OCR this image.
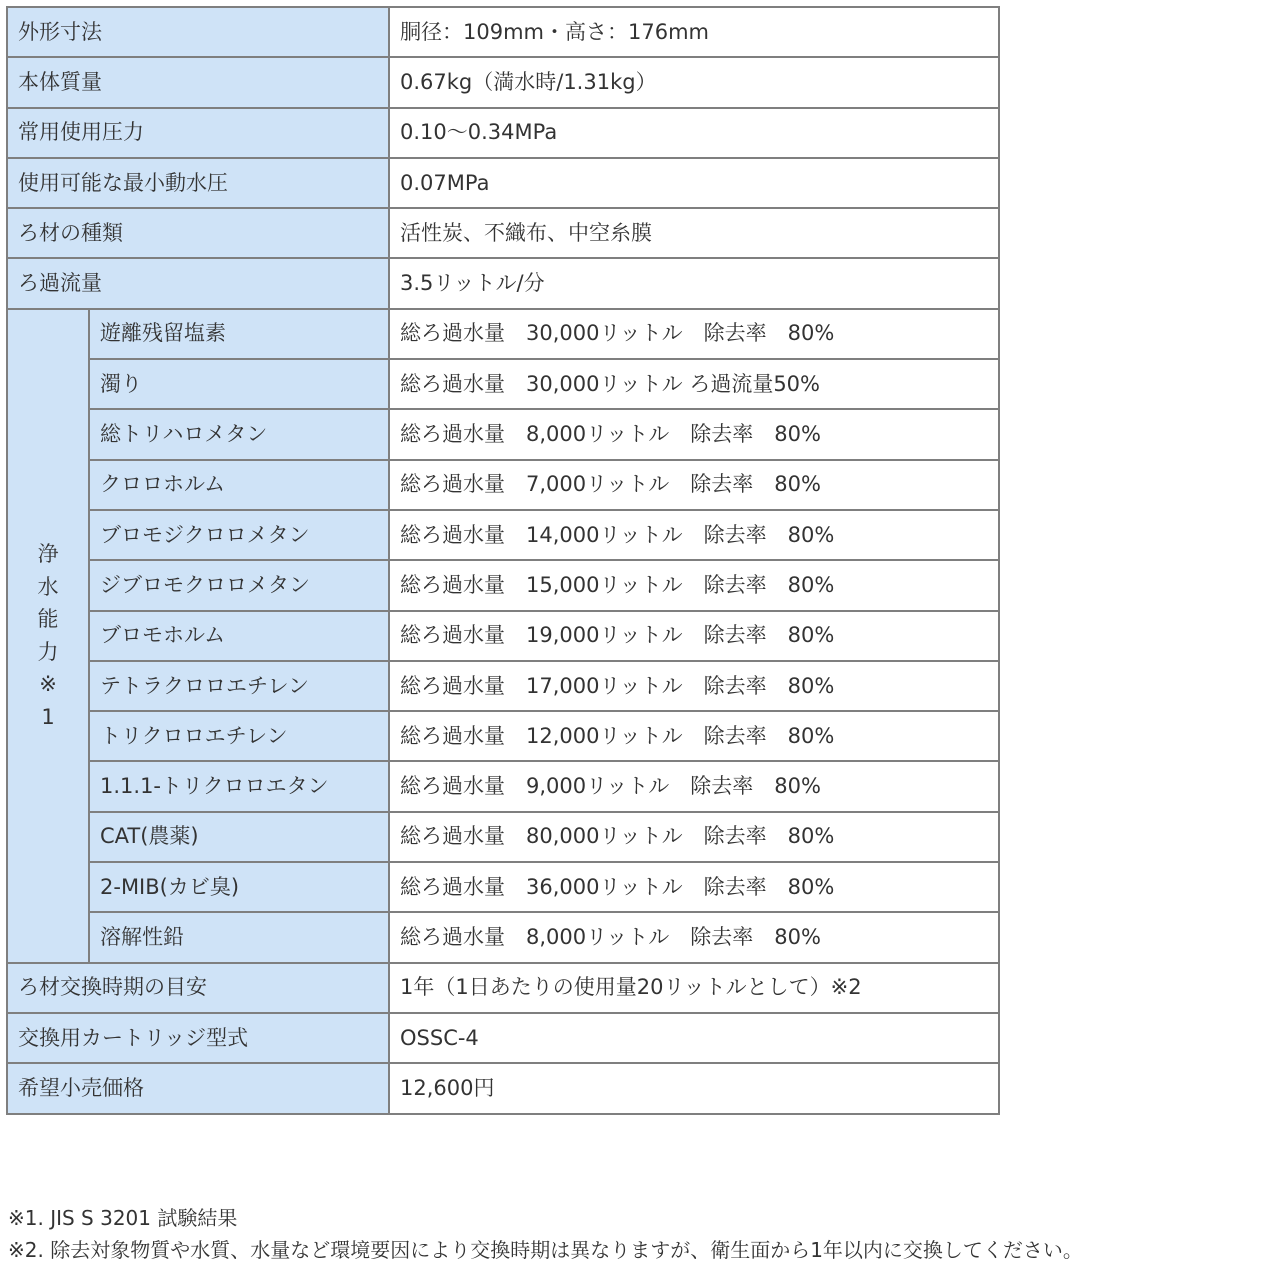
外形寸法		胴径：109mm・高さ：176mm
本体質量		0.67kg（満水時/1.31kg）
常用使用圧力		0.10～0.34MPa
使用可能な最小動水圧		0.07MPa
ろ材の種類		活性炭、不織布、中空糸膜
ろ過流量		3.5リットル/分
浄水能力※1	遊離残留塩素	総ろ過水量　30,000リットル　除去率　80%
	濁り	総ろ過水量　30,000リットル ろ過流量50%
	総トリハロメタン	総ろ過水量　8,000リットル　除去率　80%
	クロロホルム	総ろ過水量　7,000リットル　除去率　80%
	ブロモジクロロメタン	総ろ過水量　14,000リットル　除去率　80%
	ジブロモクロロメタン	総ろ過水量　15,000リットル　除去率　80%
	ブロモホルム	総ろ過水量　19,000リットル　除去率　80%
	テトラクロロエチレン	総ろ過水量　17,000リットル　除去率　80%
	トリクロロエチレン	総ろ過水量　12,000リットル　除去率　80%
	1.1.1-トリクロロエタン	総ろ過水量　9,000リットル　除去率　80%
	CAT(農薬)	総ろ過水量　80,000リットル　除去率　80%
	2-MIB(カビ臭)	総ろ過水量　36,000リットル　除去率　80%
	溶解性鉛	総ろ過水量　8,000リットル　除去率　80%
ろ材交換時期の目安		1年（1日あたりの使用量20リットルとして）※2
交換用カートリッジ型式		OSSC-4
希望小売価格		12,600円
※1. JIS S 3201 試験結果
※2. 除去対象物質や水質、水量など環境要因により交換時期は異なりますが、衛生面から1年以内に交換してください。
